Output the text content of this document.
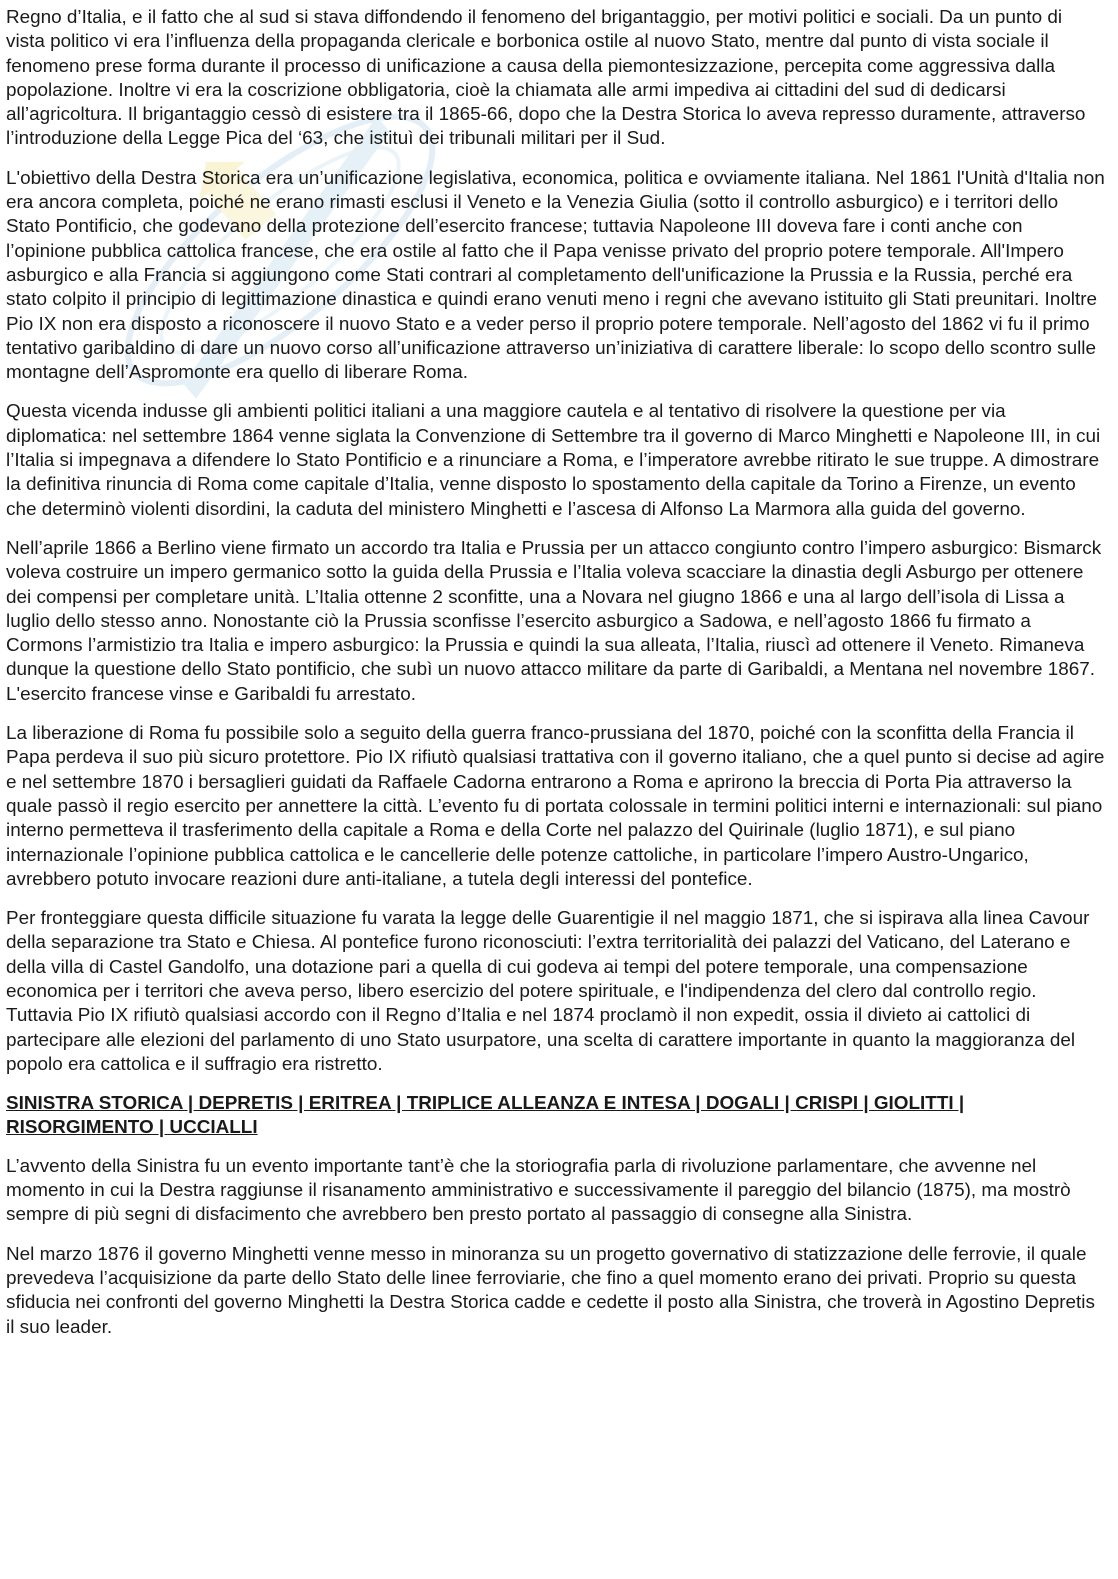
Regno d’Italia, e il fatto che al sud si stava diffondendo il fenomeno del brigantaggio, per motivi politici e sociali. Da un punto di vista politico vi era l’influenza della propaganda clericale e borbonica ostile al nuovo Stato, mentre dal punto di vista sociale il fenomeno prese forma durante il processo di unificazione a causa della piemontesizzazione, percepita come aggressiva dalla popolazione. Inoltre vi era la coscrizione obbligatoria, cioè la chiamata alle armi impediva ai cittadini del sud di dedicarsi all’agricoltura. Il brigantaggio cessò di esistere tra il 1865-66, dopo che la Destra Storica lo aveva represso duramente, attraverso l’introduzione della Legge Pica del ‘63, che istituì dei tribunali militari per il Sud.

L'obiettivo della Destra Storica era un’unificazione legislativa, economica, politica e ovviamente italiana. Nel 1861 l'Unità d'Italia non era ancora completa, poiché ne erano rimasti esclusi il Veneto e la Venezia Giulia (sotto il controllo asburgico) e i territori dello Stato Pontificio, che godevano della protezione dell’esercito francese; tuttavia Napoleone III doveva fare i conti anche con l’opinione pubblica cattolica francese, che era ostile al fatto che il Papa venisse privato del proprio potere temporale. All'Impero asburgico e alla Francia si aggiungono come Stati contrari al completamento dell'unificazione la Prussia e la Russia, perché era stato colpito il principio di legittimazione dinastica e quindi erano venuti meno i regni che avevano istituito gli Stati preunitari. Inoltre Pio IX non era disposto a riconoscere il nuovo Stato e a veder perso il proprio potere temporale. Nell’agosto del 1862 vi fu il primo tentativo garibaldino di dare un nuovo corso all’unificazione attraverso un’iniziativa di carattere liberale: lo scopo dello scontro sulle montagne dell’Aspromonte era quello di liberare Roma.

Questa vicenda indusse gli ambienti politici italiani a una maggiore cautela e al tentativo di risolvere la questione per via diplomatica: nel settembre 1864 venne siglata la Convenzione di Settembre tra il governo di Marco Minghetti e Napoleone III, in cui l’Italia si impegnava a difendere lo Stato Pontificio e a rinunciare a Roma, e l’imperatore avrebbe ritirato le sue truppe. A dimostrare la definitiva rinuncia di Roma come capitale d’Italia, venne disposto lo spostamento della capitale da Torino a Firenze, un evento che determinò violenti disordini, la caduta del ministero Minghetti e l’ascesa di Alfonso La Marmora alla guida del governo.

Nell’aprile 1866 a Berlino viene firmato un accordo tra Italia e Prussia per un attacco congiunto contro l’impero asburgico: Bismarck voleva costruire un impero germanico sotto la guida della Prussia e l’Italia voleva scacciare la dinastia degli Asburgo per ottenere dei compensi per completare unità. L’Italia ottenne 2 sconfitte, una a Novara nel giugno 1866 e una al largo dell’isola di Lissa a luglio dello stesso anno. Nonostante ciò la Prussia sconfisse l’esercito asburgico a Sadowa, e nell’agosto 1866 fu firmato a Cormons l’armistizio tra Italia e impero asburgico: la Prussia e quindi la sua alleata, l’Italia, riuscì ad ottenere il Veneto. Rimaneva dunque la questione dello Stato pontificio, che subì un nuovo attacco militare da parte di Garibaldi, a Mentana nel novembre 1867. L'esercito francese vinse e Garibaldi fu arrestato.

La liberazione di Roma fu possibile solo a seguito della guerra franco-prussiana del 1870, poiché con la sconfitta della Francia il Papa perdeva il suo più sicuro protettore. Pio IX rifiutò qualsiasi trattativa con il governo italiano, che a quel punto si decise ad agire e nel settembre 1870 i bersaglieri guidati da Raffaele Cadorna entrarono a Roma e aprirono la breccia di Porta Pia attraverso la quale passò il regio esercito per annettere la città. L’evento fu di portata colossale in termini politici interni e internazionali: sul piano interno permetteva il trasferimento della capitale a Roma e della Corte nel palazzo del Quirinale (luglio 1871), e sul piano internazionale l’opinione pubblica cattolica e le cancellerie delle potenze cattoliche, in particolare l’impero Austro-Ungarico, avrebbero potuto invocare reazioni dure anti-italiane, a tutela degli interessi del pontefice.

Per fronteggiare questa difficile situazione fu varata la legge delle Guarentigie il nel maggio 1871, che si ispirava alla linea Cavour della separazione tra Stato e Chiesa. Al pontefice furono riconosciuti: l’extra territorialità dei palazzi del Vaticano, del Laterano e della villa di Castel Gandolfo, una dotazione pari a quella di cui godeva ai tempi del potere temporale, una compensazione economica per i territori che aveva perso, libero esercizio del potere spirituale, e l'indipendenza del clero dal controllo regio. Tuttavia Pio IX rifiutò qualsiasi accordo con il Regno d’Italia e nel 1874 proclamò il non expedit, ossia il divieto ai cattolici di partecipare alle elezioni del parlamento di uno Stato usurpatore, una scelta di carattere importante in quanto la maggioranza del popolo era cattolica e il suffragio era ristretto.

SINISTRA STORICA | DEPRETIS | ERITREA | TRIPLICE ALLEANZA E INTESA | DOGALI | CRISPI | GIOLITTI | RISORGIMENTO | UCCIALLI

L’avvento della Sinistra fu un evento importante tant’è che la storiografia parla di rivoluzione parlamentare, che avvenne nel momento in cui la Destra raggiunse il risanamento amministrativo e successivamente il pareggio del bilancio (1875), ma mostrò sempre di più segni di disfacimento che avrebbero ben presto portato al passaggio di consegne alla Sinistra.

Nel marzo 1876 il governo Minghetti venne messo in minoranza su un progetto governativo di statizzazione delle ferrovie, il quale prevedeva l’acquisizione da parte dello Stato delle linee ferroviarie, che fino a quel momento erano dei privati. Proprio su questa sfiducia nei confronti del governo Minghetti la Destra Storica cadde e cedette il posto alla Sinistra, che troverà in Agostino Depretis il suo leader.
